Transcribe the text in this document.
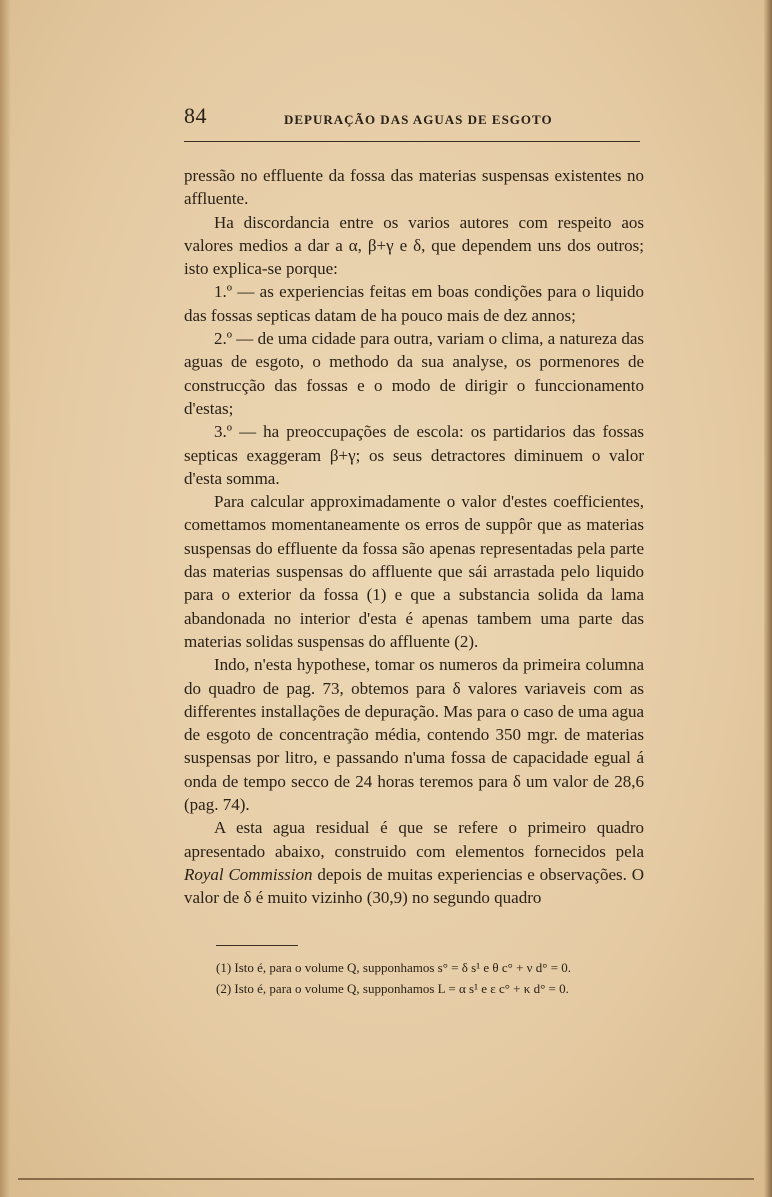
84	DEPURAÇÃO DAS AGUAS DE ESGOTO

pressão no effluente da fossa das materias suspensas existentes no affluente.

Ha discordancia entre os varios autores com respeito aos valores medios a dar a α, β+γ e δ, que dependem uns dos outros; isto explica-se porque:

1.º — as experiencias feitas em boas condições para o liquido das fossas septicas datam de ha pouco mais de dez annos;

2.º — de uma cidade para outra, variam o clima, a natureza das aguas de esgoto, o methodo da sua analyse, os pormenores de construcção das fossas e o modo de dirigir o funccionamento d'estas;

3.º — ha preoccupações de escola: os partidarios das fossas septicas exaggeram β+γ; os seus detractores diminuem o valor d'esta somma.

Para calcular approximadamente o valor d'estes coefficientes, comettamos momentaneamente os erros de suppôr que as materias suspensas do effluente da fossa são apenas representadas pela parte das materias suspensas do affluente que sái arrastada pelo liquido para o exterior da fossa (1) e que a substancia solida da lama abandonada no interior d'esta é apenas tambem uma parte das materias solidas suspensas do affluente (2).

Indo, n'esta hypothese, tomar os numeros da primeira columna do quadro de pag. 73, obtemos para δ valores variaveis com as differentes installações de depuração. Mas para o caso de uma agua de esgoto de concentração média, contendo 350 mgr. de materias suspensas por litro, e passando n'uma fossa de capacidade egual á onda de tempo secco de 24 horas teremos para δ um valor de 28,6 (pag. 74).

A esta agua residual é que se refere o primeiro quadro apresentado abaixo, construido com elementos fornecidos pela Royal Commission depois de muitas experiencias e observações. O valor de δ é muito vizinho (30,9) no segundo quadro

(1) Isto é, para o volume Q, supponhamos s° = δ s¹ e θ c° + ν d° = 0.

(2) Isto é, para o volume Q, supponhamos L = α s¹ e ε c° + κ d° = 0.
